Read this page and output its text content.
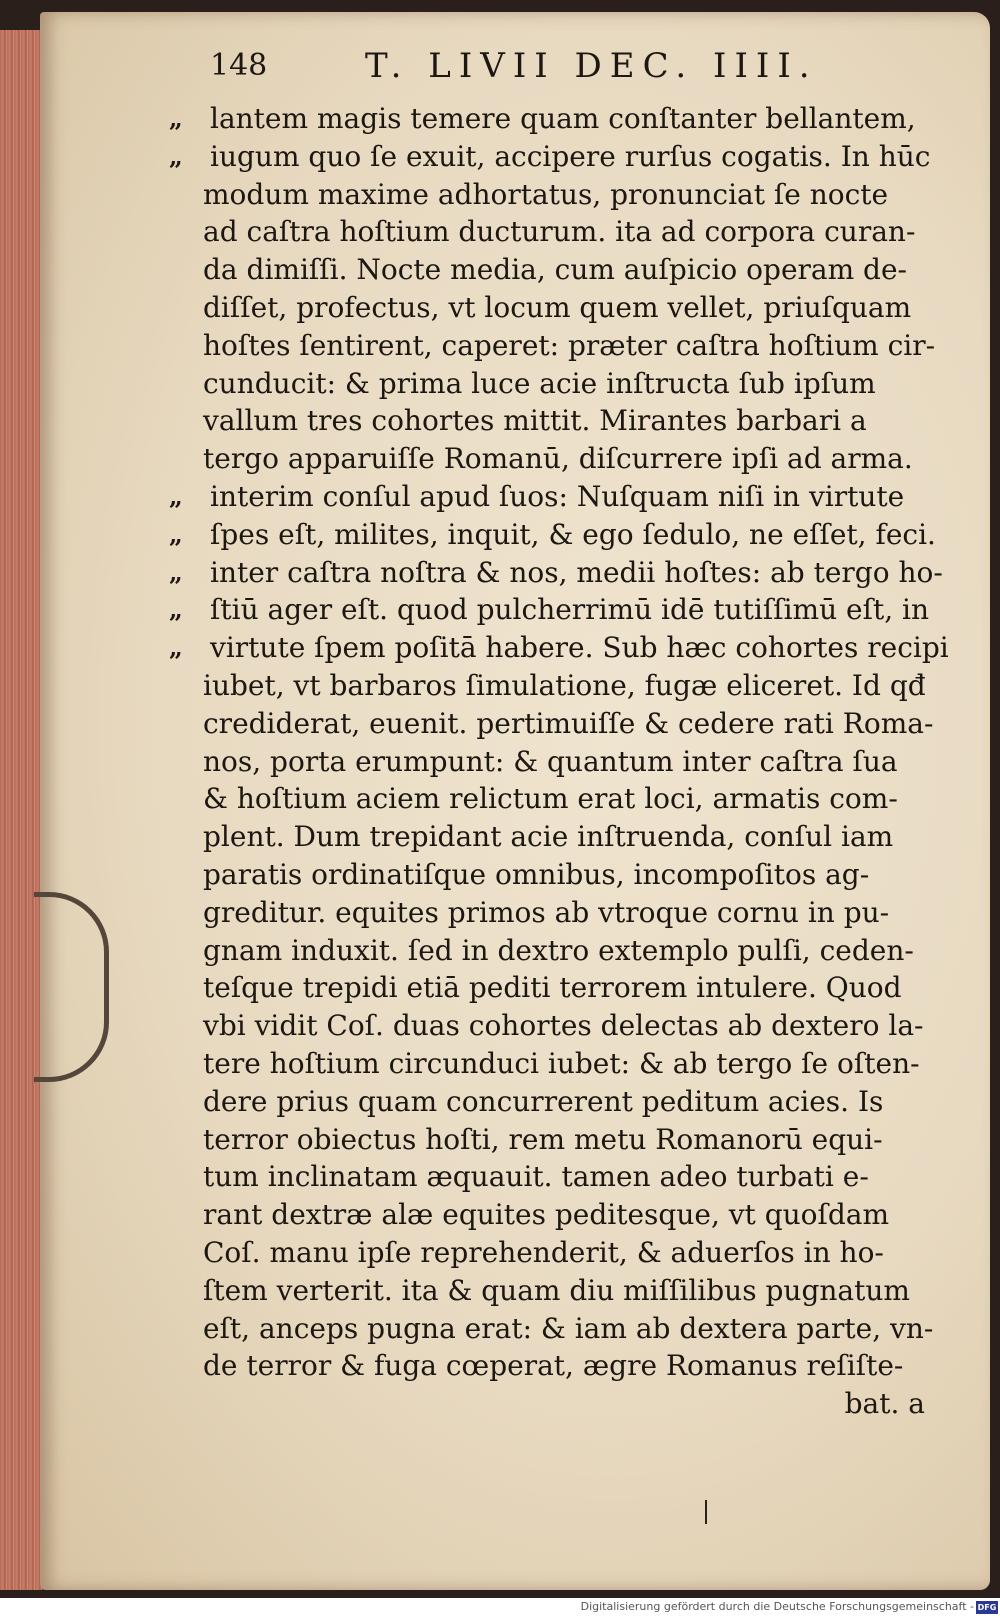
148	T. LIVII DEC. IIII.
„ lantem magis temere quam conſtanter bellantem,
„ iugum quo ſe exuit, accipere rurſus cogatis. In hūc
modum maxime adhortatus, pronunciat ſe nocte
ad caſtra hoſtium ducturum. ita ad corpora curan-
da dimiſſi. Nocte media, cum auſpicio operam de-
diſſet, profectus, vt locum quem vellet, priuſquam
hoſtes ſentirent, caperet: præter caſtra hoſtium cir-
cunducit: & prima luce acie inſtructa ſub ipſum
vallum tres cohortes mittit. Mirantes barbari a
tergo apparuiſſe Romanū, diſcurrere ipſi ad arma.
„ interim conſul apud ſuos: Nuſquam niſi in virtute
„ ſpes eſt, milites, inquit, & ego ſedulo, ne eſſet, feci.
„ inter caſtra noſtra & nos, medii hoſtes: ab tergo ho-
„ ſtiū ager eſt. quod pulcherrimū idē tutiſſimū eſt, in
„ virtute ſpem poſitā habere. Sub hæc cohortes recipi
iubet, vt barbaros ſimulatione, fugæ eliceret. Id qđ
crediderat, euenit. pertimuiſſe & cedere rati Roma-
nos, porta erumpunt: & quantum inter caſtra ſua
& hoſtium aciem relictum erat loci, armatis com-
plent. Dum trepidant acie inſtruenda, conſul iam
paratis ordinatiſque omnibus, incompoſitos ag-
greditur. equites primos ab vtroque cornu in pu-
gnam induxit. ſed in dextro extemplo pulſi, ceden-
teſque trepidi etiā pediti terrorem intulere. Quod
vbi vidit Coſ. duas cohortes delectas ab dextero la-
tere hoſtium circunduci iubet: & ab tergo ſe oſten-
dere prius quam concurrerent peditum acies. Is
terror obiectus hoſti, rem metu Romanorū equi-
tum inclinatam æquauit. tamen adeo turbati e-
rant dextræ alæ equites peditesque, vt quoſdam
Coſ. manu ipſe reprehenderit, & aduerſos in ho-
ſtem verterit. ita & quam diu miſſilibus pugnatum
eſt, anceps pugna erat: & iam ab dextera parte, vn-
de terror & fuga cœperat, ægre Romanus reſiſte-
bat. a
Digitalisierung gefördert durch die Deutsche Forschungsgemeinschaft - DFG
